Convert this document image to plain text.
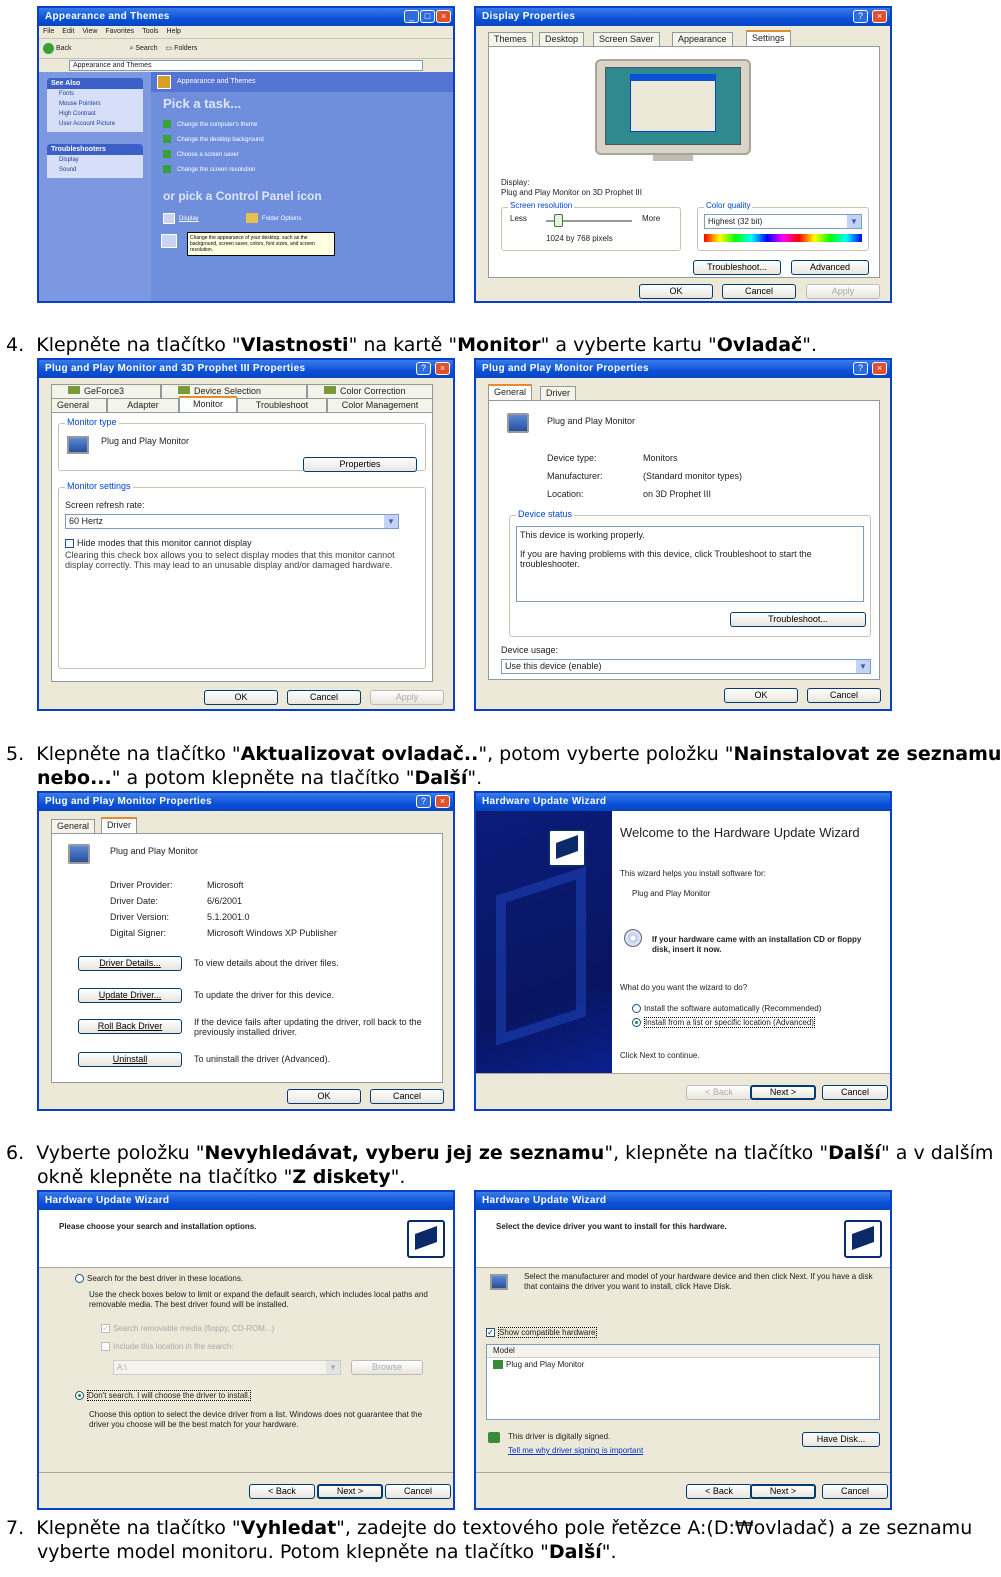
Appearance and Themes	_	□	×
File Edit View Favorites Tools Help
Back	⌕ Search ▭ Folders
Appearance and Themes
See Also
Fonts
Mouse Pointers
High Contrast
User Account Picture
Troubleshooters
Display
Sound
Appearance and Themes
Pick a task...
Change the computer's theme
Change the desktop background
Choose a screen saver
Change the screen resolution
or pick a Control Panel icon
Display	Folder Options
Change the appearance of your desktop, such as the background, screen saver, colors, font sizes, and screen resolution.
Display Properties	?	×
Themes	Desktop	Screen Saver	Appearance	Settings
Display:
Plug and Play Monitor on 3D Prophet III
Screen resolution
Less	More
1024 by 768 pixels
Color quality
Highest (32 bit)	▼
Troubleshoot...	Advanced
OK	Cancel	Apply
4. Klepněte na tlačítko "Vlastnosti" na kartě "Monitor" a vyberte kartu "Ovladač".
Plug and Play Monitor and 3D Prophet III Properties	?	×
GeForce3	Device Selection	Color Correction
General	Adapter	Monitor	Troubleshoot	Color Management
Monitor type
Plug and Play Monitor
Properties
Monitor settings
Screen refresh rate:
60 Hertz	▼
Hide modes that this monitor cannot display
Clearing this check box allows you to select display modes that this monitor cannot display correctly. This may lead to an unusable display and/or damaged hardware.
OK	Cancel	Apply
Plug and Play Monitor Properties	?	×
General	Driver
Plug and Play Monitor
Device type:	Monitors
Manufacturer:	(Standard monitor types)
Location:	on 3D Prophet III
Device status
This device is working properly.
If you are having problems with this device, click Troubleshoot to start the troubleshooter.
Troubleshoot...
Device usage:
Use this device (enable)	▼
OK	Cancel
5. Klepněte na tlačítko "Aktualizovat ovladač..", potom vyberte položku "Nainstalovat ze seznamu
nebo..." a potom klepněte na tlačítko "Další".
Plug and Play Monitor Properties	?	×
General	Driver
Plug and Play Monitor
Driver Provider:	Microsoft
Driver Date:	6/6/2001
Driver Version:	5.1.2001.0
Digital Signer:	Microsoft Windows XP Publisher
Driver Details...	To view details about the driver files.
Update Driver...	To update the driver for this device.
Roll Back Driver	If the device fails after updating the driver, roll back to the previously installed driver.
Uninstall	To uninstall the driver (Advanced).
OK	Cancel
Hardware Update Wizard
Welcome to the Hardware Update Wizard
This wizard helps you install software for:
Plug and Play Monitor
If your hardware came with an installation CD or floppy disk, insert it now.
What do you want the wizard to do?
Install the software automatically (Recommended)
Install from a list or specific location (Advanced)
Click Next to continue.
< Back	Next >	Cancel
6. Vyberte položku "Nevyhledávat, vyberu jej ze seznamu", klepněte na tlačítko "Další" a v dalším
okně klepněte na tlačítko "Z diskety".
Hardware Update Wizard
Please choose your search and installation options.
Search for the best driver in these locations.
Use the check boxes below to limit or expand the default search, which includes local paths and removable media. The best driver found will be installed.
✓ Search removable media (floppy, CD-ROM...)
Include this location in the search:
A:\	▼	Browse
Don't search. I will choose the driver to install.
Choose this option to select the device driver from a list. Windows does not guarantee that the driver you choose will be the best match for your hardware.
< Back	Next >	Cancel
Hardware Update Wizard
Select the device driver you want to install for this hardware.
Select the manufacturer and model of your hardware device and then click Next. If you have a disk that contains the driver you want to install, click Have Disk.
✓ Show compatible hardware
Model
Plug and Play Monitor
This driver is digitally signed.
Tell me why driver signing is important
Have Disk...
< Back	Next >	Cancel
7. Klepněte na tlačítko "Vyhledat", zadejte do textového pole řetězce A:(D:₩ovladač) a ze seznamu
vyberte model monitoru. Potom klepněte na tlačítko "Další".
